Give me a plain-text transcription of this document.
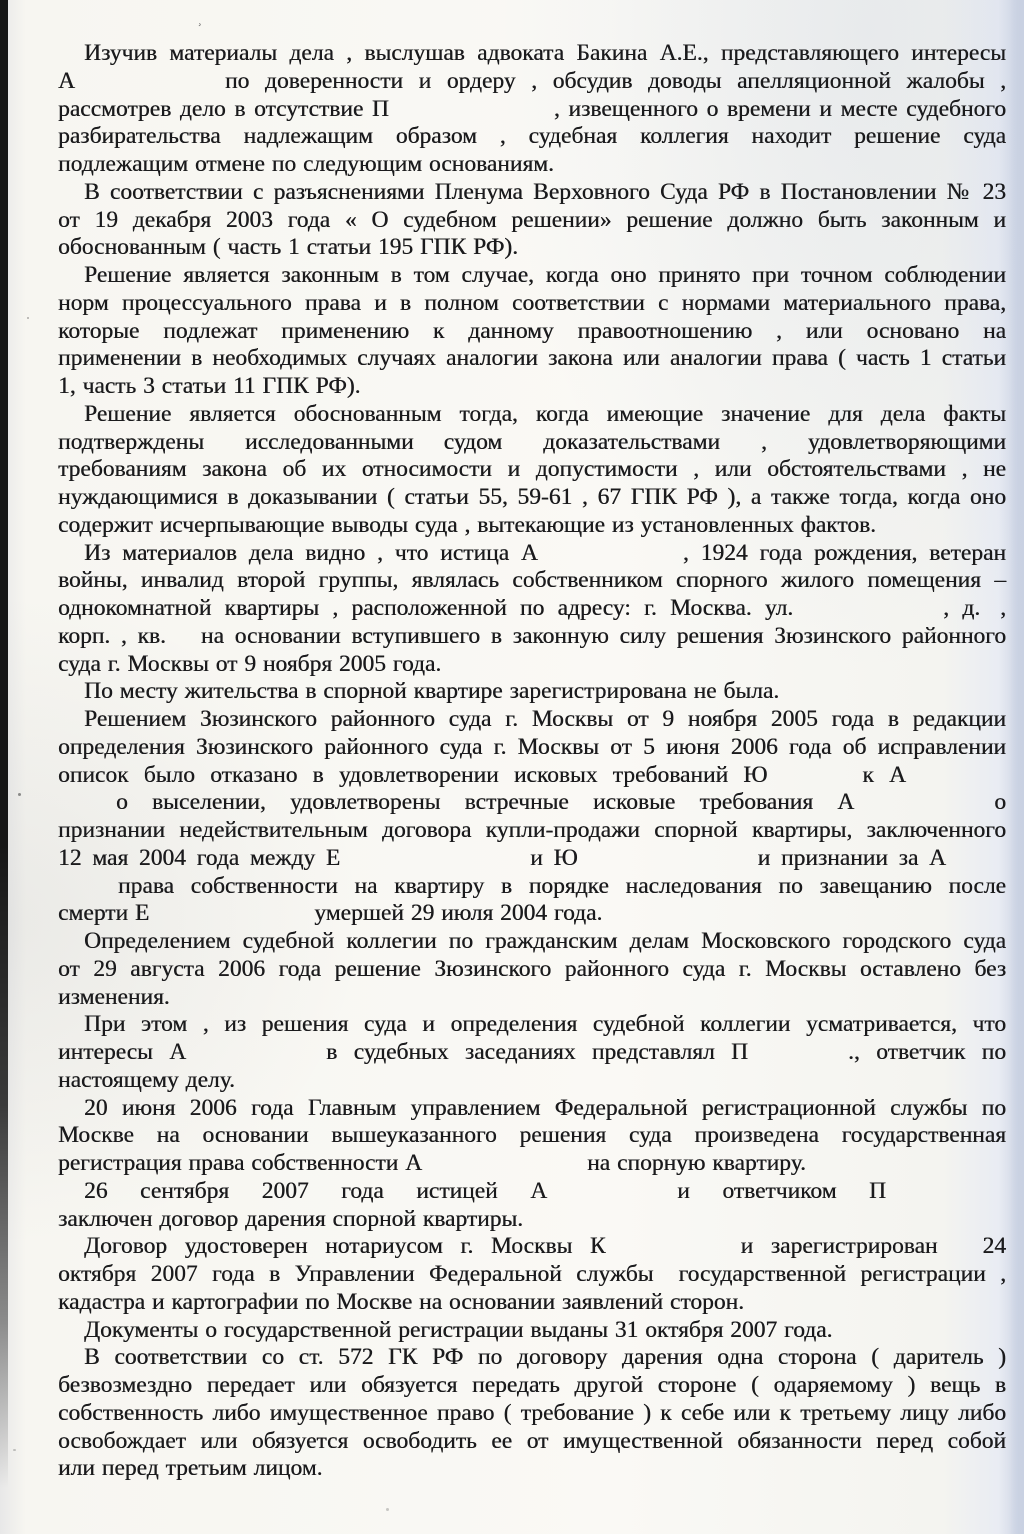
ʾ
Изучив материалы дела , выслушав адвоката Бакина А.Е., представляющего интересы
А	по доверенности и ордеру , обсудив доводы апелляционной жалобы ,
рассмотрев дело в отсутствие П	, извещенного о времени и месте судебного
разбирательства надлежащим образом , судебная коллегия находит решение суда
подлежащим отмене по следующим основаниям.
В соответствии с разъяснениями Пленума Верховного Суда РФ в Постановлении № 23
от 19 декабря 2003 года « О судебном решении» решение должно быть законным и
обоснованным ( часть 1 статьи 195 ГПК РФ).
Решение является законным в том случае, когда оно принято при точном соблюдении
норм процессуального права и в полном соответствии с нормами материального права,
которые подлежат применению к данному правоотношению , или основано на
применении в необходимых случаях аналогии закона или аналогии права ( часть 1 статьи
1, часть 3 статьи 11 ГПК РФ).
Решение является обоснованным тогда, когда имеющие значение для дела факты
подтверждены исследованными судом доказательствами , удовлетворяющими
требованиям закона об их относимости и допустимости , или обстоятельствами , не
нуждающимися в доказывании ( статьи 55, 59-61 , 67 ГПК РФ ), а также тогда, когда оно
содержит исчерпывающие выводы суда , вытекающие из установленных фактов.
Из материалов дела видно , что истица А	, 1924 года рождения, ветеран
войны, инвалид второй группы, являлась собственником спорного жилого помещения –
однокомнатной квартиры , расположенной по адресу: г. Москва. ул.	, д. ,
корп. , кв. на основании вступившего в законную силу решения Зюзинского районного
суда г. Москвы от 9 ноября 2005 года.
По месту жительства в спорной квартире зарегистрирована не была.
Решением Зюзинского районного суда г. Москвы от 9 ноября 2005 года в редакции
определения Зюзинского районного суда г. Москвы от 5 июня 2006 года об исправлении
описок было отказано в удовлетворении исковых требований Ю	к А
о выселении, удовлетворены встречные исковые требования А	о
признании недействительным договора купли-продажи спорной квартиры, заключенного
12 мая 2004 года между Е	и Ю	и признании за А
права собственности на квартиру в порядке наследования по завещанию после
смерти Е	умершей 29 июля 2004 года.
Определением судебной коллегии по гражданским делам Московского городского суда
от 29 августа 2006 года решение Зюзинского районного суда г. Москвы оставлено без
изменения.
При этом , из решения суда и определения судебной коллегии усматривается, что
интересы А	в судебных заседаниях представлял П	., ответчик по
настоящему делу.
20 июня 2006 года Главным управлением Федеральной регистрационной службы по
Москве на основании вышеуказанного решения суда произведена государственная
регистрация права собственности А	на спорную квартиру.
26 сентября 2007 года истицей А	и ответчиком П
заключен договор дарения спорной квартиры.
Договор удостоверен нотариусом г. Москвы К	и зарегистрирован 24
октября 2007 года в Управлении Федеральной службы государственной регистрации ,
кадастра и картографии по Москве на основании заявлений сторон.
Документы о государственной регистрации выданы 31 октября 2007 года.
В соответствии со ст. 572 ГК РФ по договору дарения одна сторона ( даритель )
безвозмездно передает или обязуется передать другой стороне ( одаряемому ) вещь в
собственность либо имущественное право ( требование ) к себе или к третьему лицу либо
освобождает или обязуется освободить ее от имущественной обязанности перед собой
или перед третьим лицом.
